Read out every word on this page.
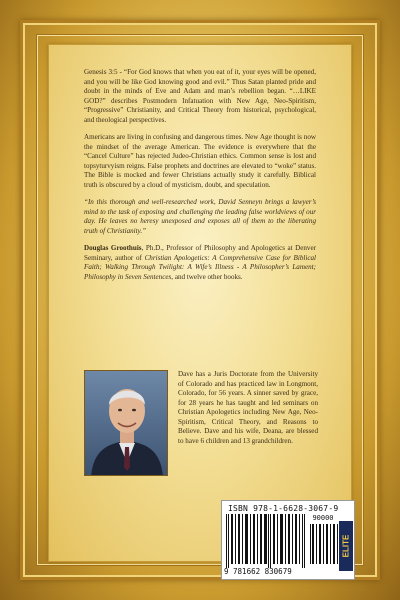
Genesis 3:5 - “For God knows that when you eat of it, your eyes will be opened, and you will be like God knowing good and evil.” Thus Satan planted pride and doubt in the minds of Eve and Adam and man’s rebellion began. “…LIKE GOD?” describes Postmodern Infatuation with New Age, Neo-Spiritism, “Progressive” Christianity, and Critical Theory from historical, psychological, and theological perspectives.

Americans are living in confusing and dangerous times. New Age thought is now the mindset of the average American. The evidence is everywhere that the “Cancel Culture” has rejected Judeo-Christian ethics. Common sense is lost and topsyturvyism reigns. False prophets and doctrines are elevated to “woke” status. The Bible is mocked and fewer Christians actually study it carefully. Biblical truth is obscured by a cloud of mysticism, doubt, and speculation.

“In this thorough and well-researched work, David Senneyn brings a lawyer’s mind to the task of exposing and challenging the leading false worldviews of our day. He leaves no heresy unexposed and exposes all of them to the liberating truth of Christianity.”

Douglas Groothuis, Ph.D., Professor of Philosophy and Apologetics at Denver Seminary, author of Christian Apologetics: A Comprehensive Case for Biblical Faith; Walking Through Twilight: A Wife’s Illness - A Philosopher’s Lament; Philosophy in Seven Sentences, and twelve other books.

Dave has a Juris Doctorate from the University of Colorado and has practiced law in Longmont, Colorado, for 56 years. A sinner saved by grace, for 28 years he has taught and led seminars on Christian Apologetics including New Age, Neo-Spiritism, Critical Theory, and Reasons to Believe. Dave and his wife, Deana, are blessed to have 6 children and 13 grandchildren.

ISBN 978-1-6628-3067-9
90000
9 781662 830679
ELITE
